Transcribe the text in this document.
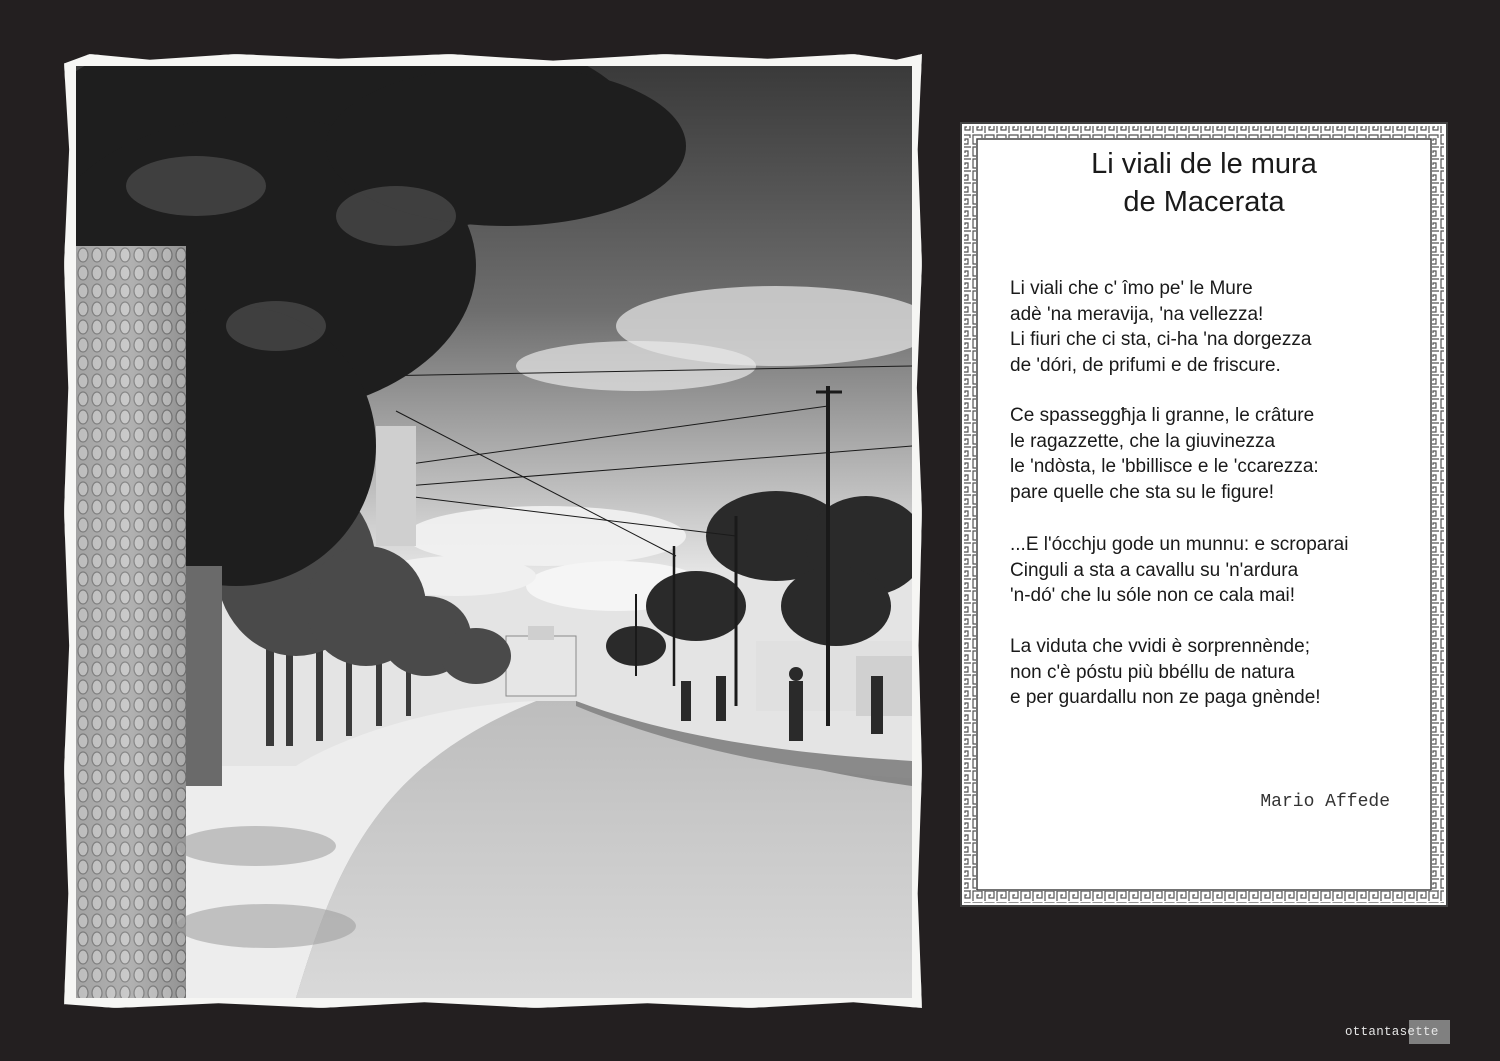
Li viali de le mura
de Macerata
Li viali che c' îmo pe' le Mure
adè 'na meravija, 'na vellezza!
Li fiuri che ci sta, ci-ha 'na dorgezza
de 'dóri, de prifumi e de friscure.
Ce spasseggħja li granne, le crâture
le ragazzette, che la giuvinezza
le 'ndòsta, le 'bbillisce e le 'ccarezza:
pare quelle che sta su le figure!
...E l'ócchju gode un munnu: e scroparai
Cinguli a sta a cavallu su 'n'ardura
'n-dó' che lu sóle non ce cala mai!
La viduta che vvidi è sorprennènde;
non c'è póstu più bbéllu de natura
e per guardallu non ze paga gnènde!
Mario Affede
ottantasette
